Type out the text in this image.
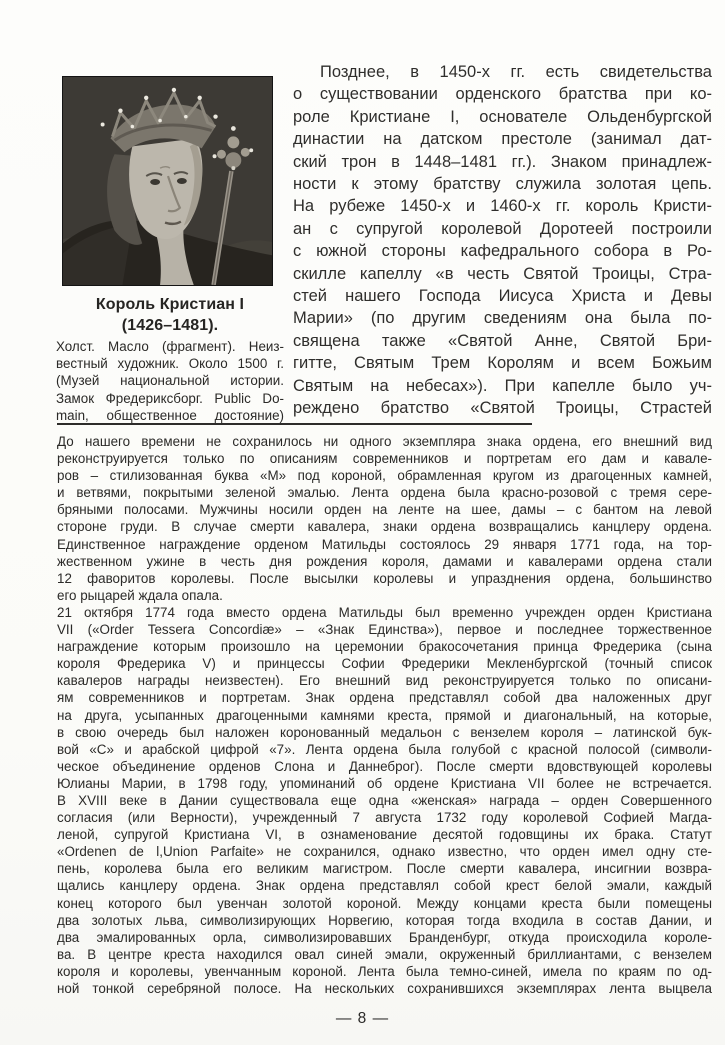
Король Кристиан I
(1426–1481).
Холст. Масло (фрагмент). Неиз-
вестный художник. Около 1500 г.
(Музей национальной истории.
Замок Фредериксборг. Public Do-
main, общественное достояние)
Позднее, в 1450-х гг. есть свидетельства
о существовании орденского братства при ко-
роле Кристиане I, основателе Ольденбургской
династии на датском престоле (занимал дат-
ский трон в 1448–1481 гг.). Знаком принадлеж-
ности к этому братству служила золотая цепь.
На рубеже 1450-х и 1460-х гг. король Кристи-
ан с супругой королевой Доротеей построили
с южной стороны кафедрального собора в Ро-
скилле капеллу «в честь Святой Троицы, Стра-
стей нашего Господа Иисуса Христа и Девы
Марии» (по другим сведениям она была по-
священа также «Святой Анне, Святой Бри-
гитте, Святым Трем Королям и всем Божьим
Святым на небесах»). При капелле было уч-
реждено братство «Святой Троицы, Страстей
До нашего времени не сохранилось ни одного экземпляра знака ордена, его внешний вид
реконструируется только по описаниям современников и портретам его дам и кавале-
ров – стилизованная буква «М» под короной, обрамленная кругом из драгоценных камней,
и ветвями, покрытыми зеленой эмалью. Лента ордена была красно-розовой с тремя сере-
бряными полосами. Мужчины носили орден на ленте на шее, дамы – с бантом на левой
стороне груди. В случае смерти кавалера, знаки ордена возвращались канцлеру ордена.
Единственное награждение орденом Матильды состоялось 29 января 1771 года, на тор-
жественном ужине в честь дня рождения короля, дамами и кавалерами ордена стали
12 фаворитов королевы. После высылки королевы и упразднения ордена, большинство
его рыцарей ждала опала.
21 октября 1774 года вместо ордена Матильды был временно учрежден орден Кристиана
VII («Order Tessera Concordiæ» – «Знак Единства»), первое и последнее торжественное
награждение которым произошло на церемонии бракосочетания принца Фредерика (сына
короля Фредерика V) и принцессы Софии Фредерики Мекленбургской (точный список
кавалеров награды неизвестен). Его внешний вид реконструируется только по описани-
ям современников и портретам. Знак ордена представлял собой два наложенных друг
на друга, усыпанных драгоценными камнями креста, прямой и диагональный, на которые,
в свою очередь был наложен коронованный медальон с вензелем короля – латинской бук-
вой «С» и арабской цифрой «7». Лента ордена была голубой с красной полосой (символи-
ческое объединение орденов Слона и Даннеброг). После смерти вдовствующей королевы
Юлианы Марии, в 1798 году, упоминаний об ордене Кристиана VII более не встречается.
В XVIII веке в Дании существовала еще одна «женская» награда – орден Совершенного
согласия (или Верности), учрежденный 7 августа 1732 году королевой Софией Магда-
леной, супругой Кристиана VI, в ознаменование десятой годовщины их брака. Статут
«Ordenen de l,Union Parfaite» не сохранился, однако известно, что орден имел одну сте-
пень, королева была его великим магистром. После смерти кавалера, инсигнии возвра-
щались канцлеру ордена. Знак ордена представлял собой крест белой эмали, каждый
конец которого был увенчан золотой короной. Между концами креста были помещены
два золотых льва, символизирующих Норвегию, которая тогда входила в состав Дании, и
два эмалированных орла, символизировавших Бранденбург, откуда происходила короле-
ва. В центре креста находился овал синей эмали, окруженный бриллиантами, с вензелем
короля и королевы, увенчанным короной. Лента была темно-синей, имела по краям по од-
ной тонкой серебряной полосе. На нескольких сохранившихся экземплярах лента выцвела
— 8 —
